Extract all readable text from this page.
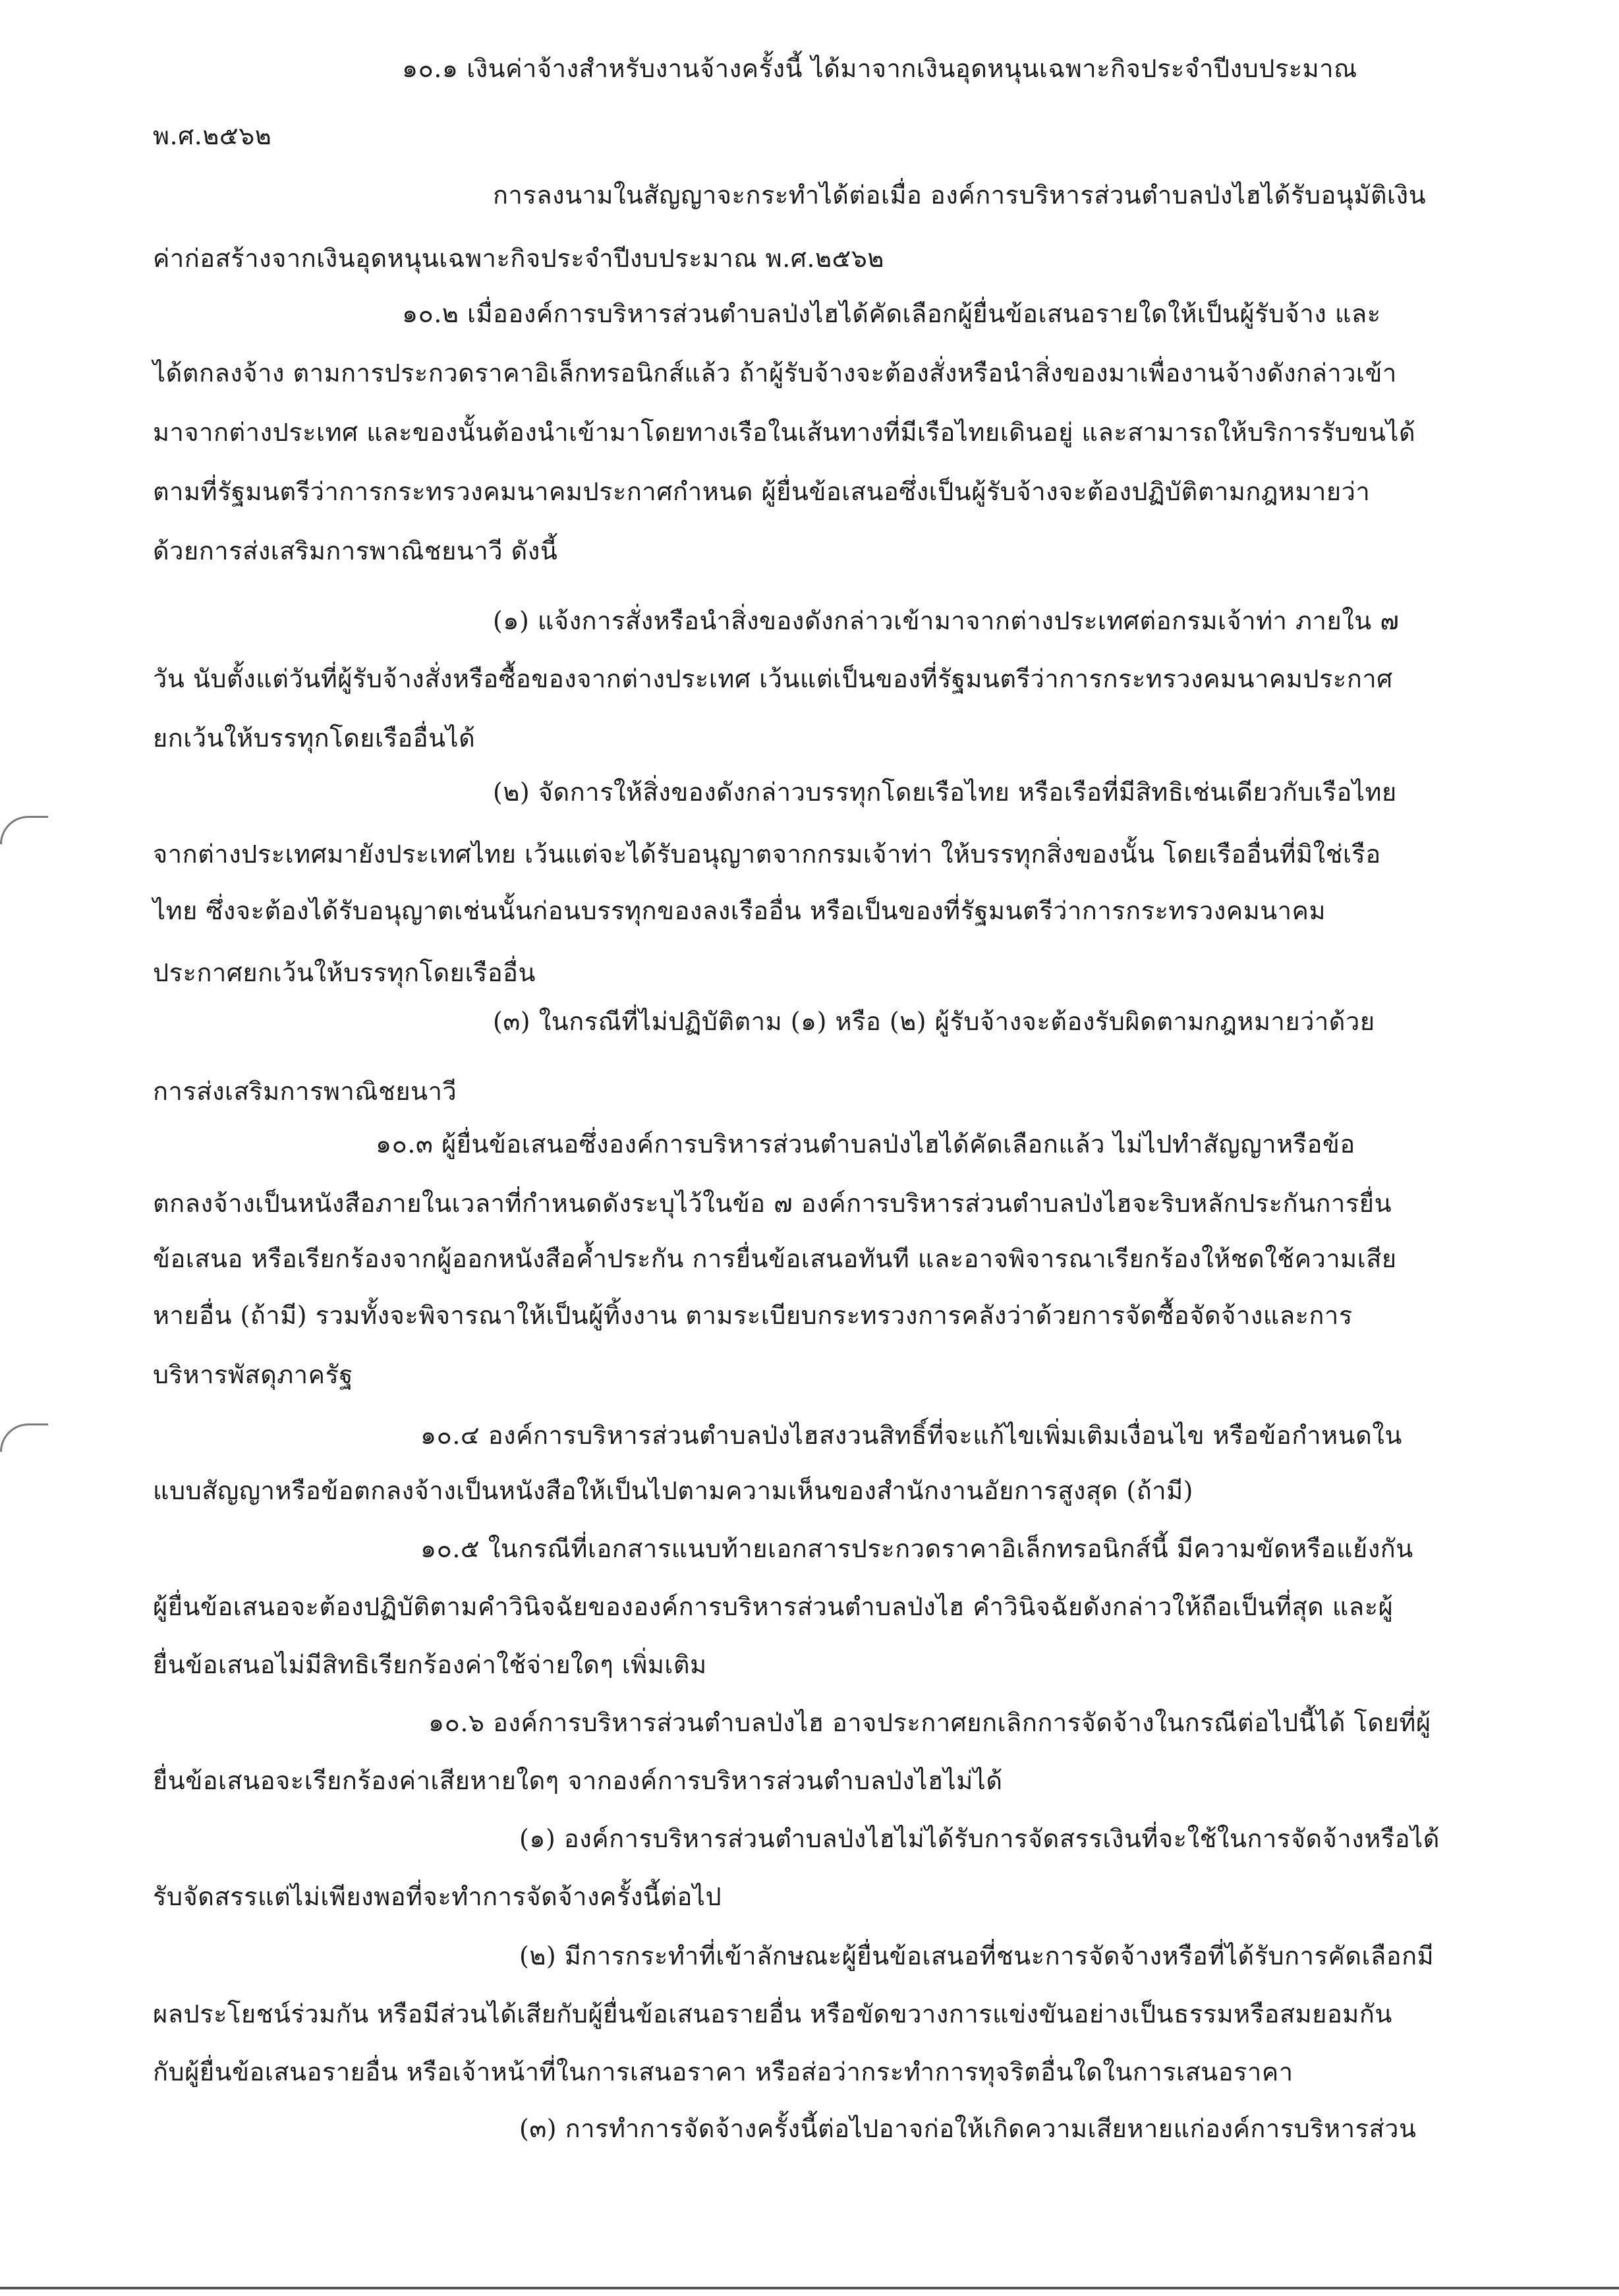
๑๐.๑ เงินค่าจ้างสำหรับงานจ้างครั้งนี้ ได้มาจากเงินอุดหนุนเฉพาะกิจประจำปีงบประมาณ
พ.ศ.๒๕๖๒
การลงนามในสัญญาจะกระทำได้ต่อเมื่อ องค์การบริหารส่วนตำบลป่งไฮได้รับอนุมัติเงิน
ค่าก่อสร้างจากเงินอุดหนุนเฉพาะกิจประจำปีงบประมาณ พ.ศ.๒๕๖๒
๑๐.๒ เมื่อองค์การบริหารส่วนตำบลป่งไฮได้คัดเลือกผู้ยื่นข้อเสนอรายใดให้เป็นผู้รับจ้าง และ
ได้ตกลงจ้าง ตามการประกวดราคาอิเล็กทรอนิกส์แล้ว ถ้าผู้รับจ้างจะต้องสั่งหรือนำสิ่งของมาเพื่องานจ้างดังกล่าวเข้า
มาจากต่างประเทศ และของนั้นต้องนำเข้ามาโดยทางเรือในเส้นทางที่มีเรือไทยเดินอยู่ และสามารถให้บริการรับขนได้
ตามที่รัฐมนตรีว่าการกระทรวงคมนาคมประกาศกำหนด ผู้ยื่นข้อเสนอซึ่งเป็นผู้รับจ้างจะต้องปฏิบัติตามกฎหมายว่า
ด้วยการส่งเสริมการพาณิชยนาวี ดังนี้
(๑) แจ้งการสั่งหรือนำสิ่งของดังกล่าวเข้ามาจากต่างประเทศต่อกรมเจ้าท่า ภายใน ๗
วัน นับตั้งแต่วันที่ผู้รับจ้างสั่งหรือซื้อของจากต่างประเทศ เว้นแต่เป็นของที่รัฐมนตรีว่าการกระทรวงคมนาคมประกาศ
ยกเว้นให้บรรทุกโดยเรืออื่นได้
(๒) จัดการให้สิ่งของดังกล่าวบรรทุกโดยเรือไทย หรือเรือที่มีสิทธิเช่นเดียวกับเรือไทย
จากต่างประเทศมายังประเทศไทย เว้นแต่จะได้รับอนุญาตจากกรมเจ้าท่า ให้บรรทุกสิ่งของนั้น โดยเรืออื่นที่มิใช่เรือ
ไทย ซึ่งจะต้องได้รับอนุญาตเช่นนั้นก่อนบรรทุกของลงเรืออื่น หรือเป็นของที่รัฐมนตรีว่าการกระทรวงคมนาคม
ประกาศยกเว้นให้บรรทุกโดยเรืออื่น
(๓) ในกรณีที่ไม่ปฏิบัติตาม (๑) หรือ (๒) ผู้รับจ้างจะต้องรับผิดตามกฎหมายว่าด้วย
การส่งเสริมการพาณิชยนาวี
๑๐.๓ ผู้ยื่นข้อเสนอซึ่งองค์การบริหารส่วนตำบลป่งไฮได้คัดเลือกแล้ว ไม่ไปทำสัญญาหรือข้อ
ตกลงจ้างเป็นหนังสือภายในเวลาที่กำหนดดังระบุไว้ในข้อ ๗ องค์การบริหารส่วนตำบลป่งไฮจะริบหลักประกันการยื่น
ข้อเสนอ หรือเรียกร้องจากผู้ออกหนังสือค้ำประกัน การยื่นข้อเสนอทันที และอาจพิจารณาเรียกร้องให้ชดใช้ความเสีย
หายอื่น (ถ้ามี) รวมทั้งจะพิจารณาให้เป็นผู้ทิ้งงาน ตามระเบียบกระทรวงการคลังว่าด้วยการจัดซื้อจัดจ้างและการ
บริหารพัสดุภาครัฐ
๑๐.๔ องค์การบริหารส่วนตำบลป่งไฮสงวนสิทธิ์ที่จะแก้ไขเพิ่มเติมเงื่อนไข หรือข้อกำหนดใน
แบบสัญญาหรือข้อตกลงจ้างเป็นหนังสือให้เป็นไปตามความเห็นของสำนักงานอัยการสูงสุด (ถ้ามี)
๑๐.๕ ในกรณีที่เอกสารแนบท้ายเอกสารประกวดราคาอิเล็กทรอนิกส์นี้ มีความขัดหรือแย้งกัน
ผู้ยื่นข้อเสนอจะต้องปฏิบัติตามคำวินิจฉัยขององค์การบริหารส่วนตำบลป่งไฮ คำวินิจฉัยดังกล่าวให้ถือเป็นที่สุด และผู้
ยื่นข้อเสนอไม่มีสิทธิเรียกร้องค่าใช้จ่ายใดๆ เพิ่มเติม
๑๐.๖ องค์การบริหารส่วนตำบลป่งไฮ อาจประกาศยกเลิกการจัดจ้างในกรณีต่อไปนี้ได้ โดยที่ผู้
ยื่นข้อเสนอจะเรียกร้องค่าเสียหายใดๆ จากองค์การบริหารส่วนตำบลป่งไฮไม่ได้
(๑) องค์การบริหารส่วนตำบลป่งไฮไม่ได้รับการจัดสรรเงินที่จะใช้ในการจัดจ้างหรือได้
รับจัดสรรแต่ไม่เพียงพอที่จะทำการจัดจ้างครั้งนี้ต่อไป
(๒) มีการกระทำที่เข้าลักษณะผู้ยื่นข้อเสนอที่ชนะการจัดจ้างหรือที่ได้รับการคัดเลือกมี
ผลประโยชน์ร่วมกัน หรือมีส่วนได้เสียกับผู้ยื่นข้อเสนอรายอื่น หรือขัดขวางการแข่งขันอย่างเป็นธรรมหรือสมยอมกัน
กับผู้ยื่นข้อเสนอรายอื่น หรือเจ้าหน้าที่ในการเสนอราคา หรือส่อว่ากระทำการทุจริตอื่นใดในการเสนอราคา
(๓) การทำการจัดจ้างครั้งนี้ต่อไปอาจก่อให้เกิดความเสียหายแก่องค์การบริหารส่วน
